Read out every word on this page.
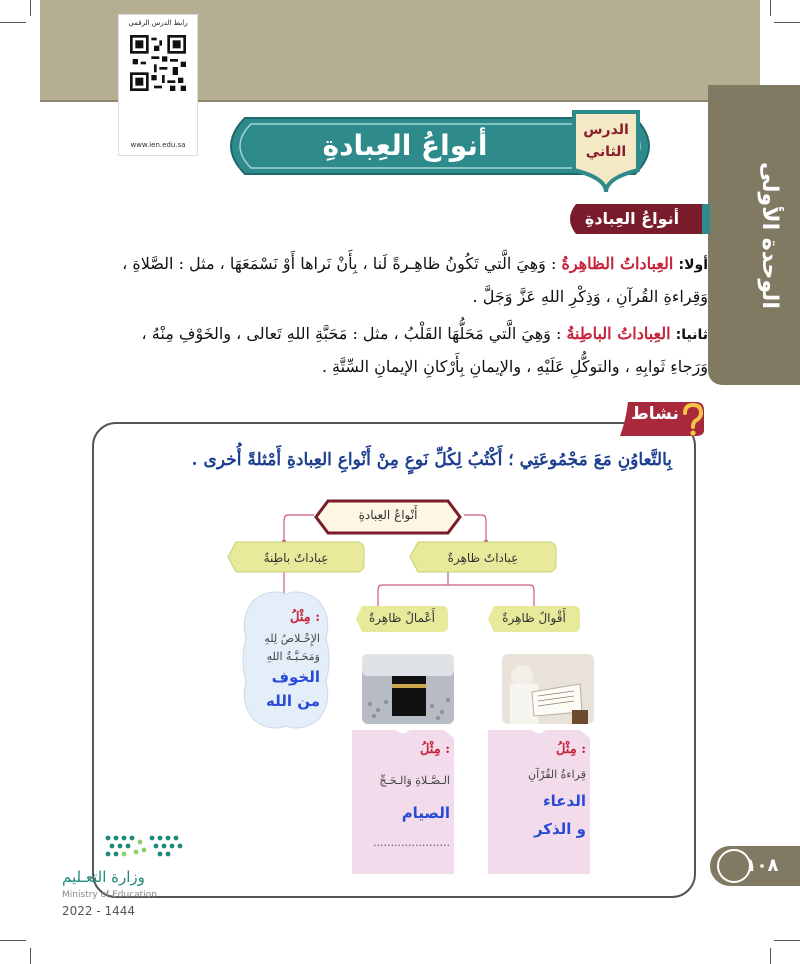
الوحدة الأولى
رابط الدرس الرقمي
www.ien.edu.sa	أنواعُ العِبادةِ	الدرس
الثاني
أنواعُ العِبادةِ
أولا: العِباداتُ الظاهِرةُ : وَهِيَ الَّتي تَكُونُ ظاهِـرةً لَنا ، بِأَنْ نَراها أَوْ نَسْمَعَهَا ، مثل : الصَّلاةِ ، وَقِراءةِ القُرآنِ ، وَذِكْرِ اللهِ عَزَّ وَجَلَّ .
ثانيا: العِباداتُ الباطِنةُ : وَهِيَ الَّتي مَحَلُّهَا القَلْبُ ، مثل : مَحَبَّةِ اللهِ تَعالى ، والخَوْفِ مِنْهُ ، وَرَجاءِ ثَوابِهِ ، والتوكُّلِ عَلَيْهِ ، والإيمانِ بِأَرْكانِ الإيمانِ السِّتَّةِ .
نشاط
بِالتَّعاوُنِ مَعَ مَجْمُوعَتِي ؛ أَكْتُبُ لِكُلِّ نَوعٍ مِنْ أَنْواعِ العِبادةِ أَمْثلةً أُخرى .
أَنْواعُ العِبادةِ
عِباداتٌ ظاهِرةٌ
عِباداتٌ باطِنةٌ
أَقْوالٌ ظاهِرةٌ
أَعْمالٌ ظاهِرةٌ
مِثْلُ :
الإِخْـلاصُ لِلهِ
وَمَحَـبَّـةُ اللهِ
الخوف
من الله
مِثْلُ :
الـصَّـلاةِ وَالـحَـجِّ
الصيام
......................
مِثْلُ :
قِراءةُ القُرْآنِ
الدعاء
و الذكر
وزارة التعـليم
Ministry of Education
2022 - 1444
١٠٨
